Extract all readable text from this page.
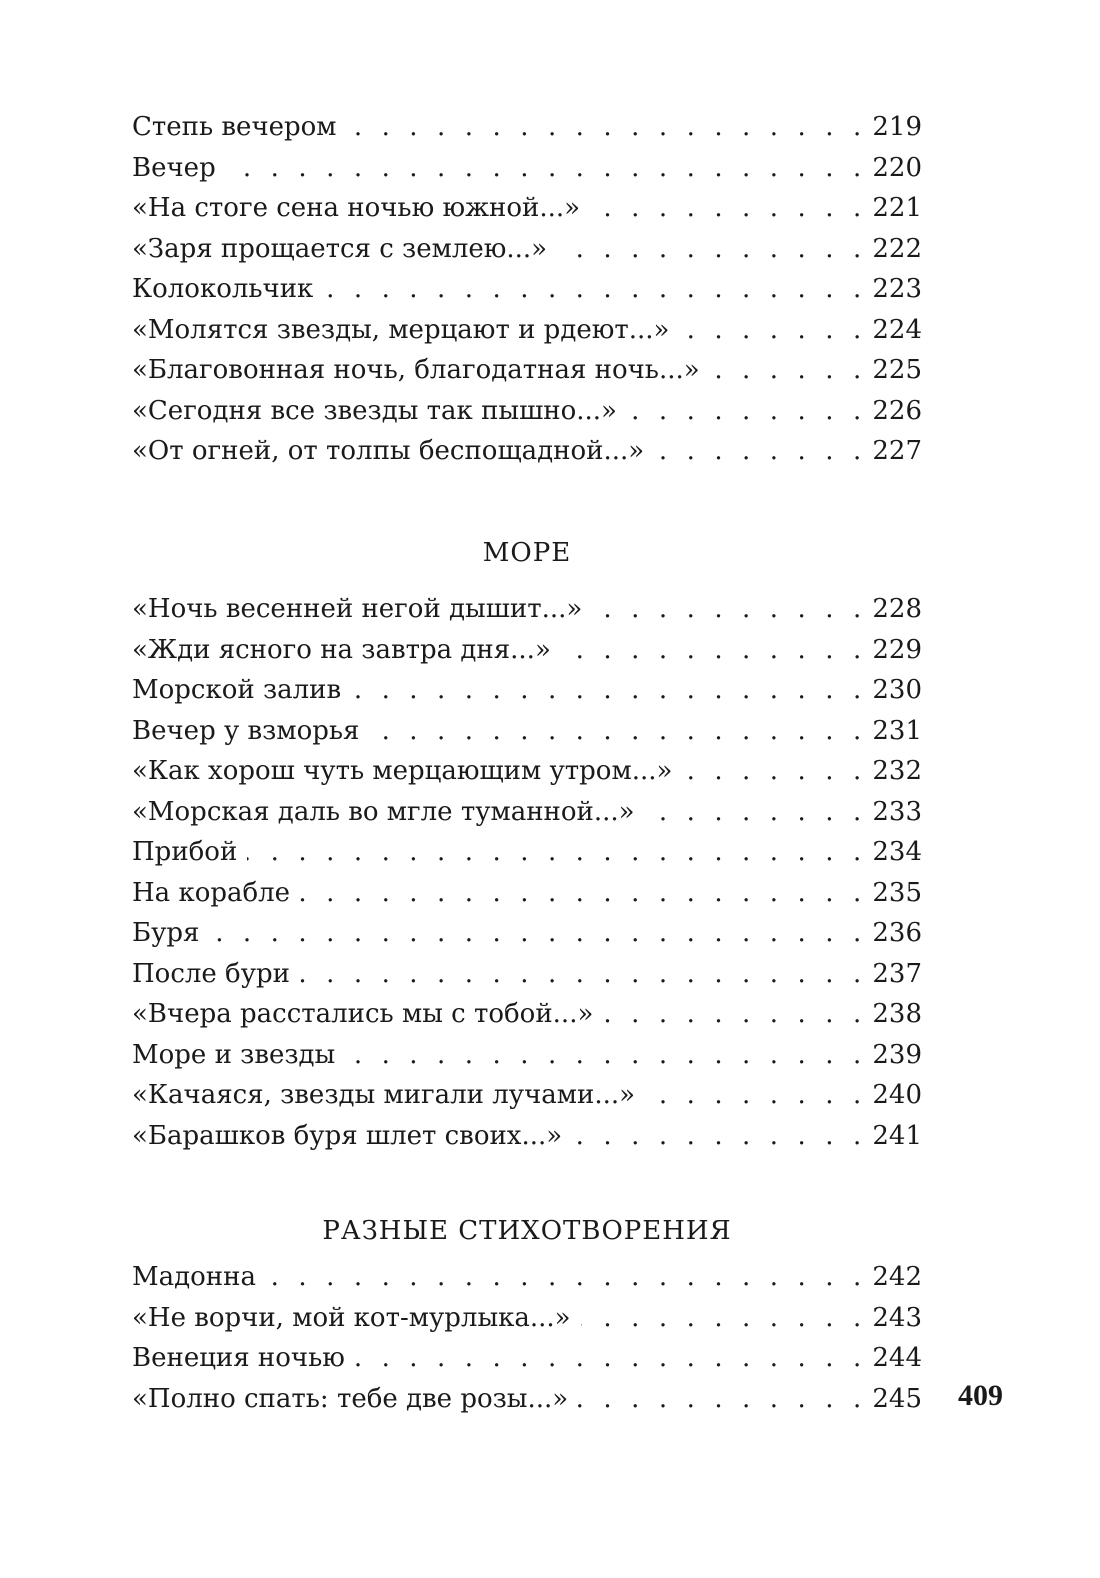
. . .
Степь вечером	219
. . .
Вечер	220
. . .
«На стоге сена ночью южной...»	221
. . .
«Заря прощается с землею...»	222
. . .
Колокольчик	223
. . .
«Молятся звезды, мерцают и рдеют...»	224
. . .
«Благовонная ночь, благодатная ночь...»	225
. . .
«Сегодня все звезды так пышно...»	226
. . .
«От огней, от толпы беспощадной...»	227
МОРЕ
. . .
«Ночь весенней негой дышит...»	228
. . .
«Жди ясного на завтра дня...»	229
. . .
Морской залив	230
. . .
Вечер у взморья	231
. . .
«Как хорош чуть мерцающим утром...»	232
. . .
«Морская даль во мгле туманной...»	233
. . .
Прибой	234
. . .
На корабле	235
. . .
Буря	236
. . .
После бури	237
. . .
«Вчера расстались мы с тобой...»	238
. . .
Море и звезды	239
. . .
«Качаяся, звезды мигали лучами...»	240
. . .
«Барашков буря шлет своих...»	241
РАЗНЫЕ СТИХОТВОРЕНИЯ
. . .
Мадонна	242
. . .
«Не ворчи, мой кот-мурлыка...»	243
. . .
Венеция ночью	244
. . .
«Полно спать: тебе две розы...»	245 409
